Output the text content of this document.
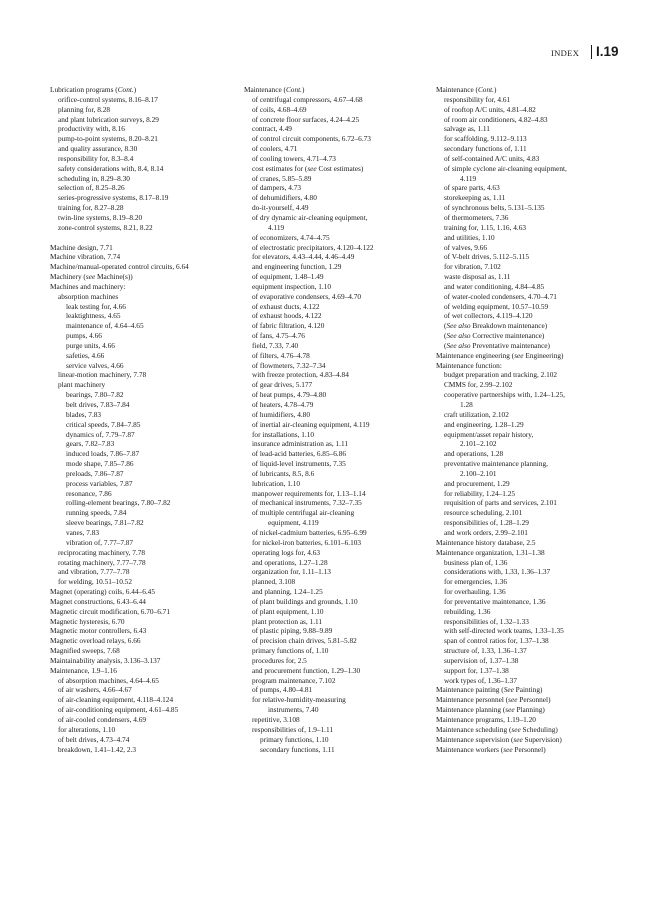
INDEX I.19
Lubrication programs (Cont.)
orifice-control systems, 8.16–8.17
planning for, 8.28
and plant lubrication surveys, 8.29
productivity with, 8.16
pump-to-point systems, 8.20–8.21
and quality assurance, 8.30
responsibility for, 8.3–8.4
safety considerations with, 8.4, 8.14
scheduling in, 8.29–8.30
selection of, 8.25–8.26
series-progressive systems, 8.17–8.19
training for, 8.27–8.28
twin-line systems, 8.19–8.20
zone-control systems, 8.21, 8.22
Machine design, 7.71
Machine vibration, 7.74
Machine/manual-operated control circuits, 6.64
Machinery (see Machine(s))
Machines and machinery:
absorption machines
leak testing for, 4.66
leaktightness, 4.65
maintenance of, 4.64–4.65
pumps, 4.66
purge units, 4.66
safeties, 4.66
service valves, 4.66
linear-motion machinery, 7.78
plant machinery
bearings, 7.80–7.82
belt drives, 7.83–7.84
blades, 7.83
critical speeds, 7.84–7.85
dynamics of, 7.79–7.87
gears, 7.82–7.83
induced loads, 7.86–7.87
mode shape, 7.85–7.86
preloads, 7.86–7.87
process variables, 7.87
resonance, 7.86
rolling-element bearings, 7.80–7.82
running speeds, 7.84
sleeve bearings, 7.81–7.82
vanes, 7.83
vibration of, 7.77–7.87
reciprocating machinery, 7.78
rotating machinery, 7.77–7.78
and vibration, 7.77–7.78
for welding, 10.51–10.52
Magnet (operating) coils, 6.44–6.45
Magnet constructions, 6.43–6.44
Magnetic circuit modification, 6.70–6.71
Magnetic hysteresis, 6.70
Magnetic motor controllers, 6.43
Magnetic overload relays, 6.66
Magnified sweeps, 7.68
Maintainability analysis, 3.136–3.137
Maintenance, 1.9–1.16
of absorption machines, 4.64–4.65
of air washers, 4.66–4.67
of air-cleaning equipment, 4.118–4.124
of air-conditioning equipment, 4.61–4.85
of air-cooled condensers, 4.69
for alterations, 1.10
of belt drives, 4.73–4.74
breakdown, 1.41–1.42, 2.3
Maintenance (Cont.)
of centrifugal compressors, 4.67–4.68
of coils, 4.68–4.69
of concrete floor surfaces, 4.24–4.25
contract, 4.49
of control circuit components, 6.72–6.73
of coolers, 4.71
of cooling towers, 4.71–4.73
cost estimates for (see Cost estimates)
of cranes, 5.85–5.89
of dampers, 4.73
of dehumidifiers, 4.80
do-it-yourself, 4.49
of dry dynamic air-cleaning equipment,
4.119
of economizers, 4.74–4.75
of electrostatic precipitators, 4.120–4.122
for elevators, 4.43–4.44, 4.46–4.49
and engineering function, 1.29
of equipment, 1.48–1.49
equipment inspection, 1.10
of evaporative condensers, 4.69–4.70
of exhaust ducts, 4.122
of exhaust hoods, 4.122
of fabric filtration, 4.120
of fans, 4.75–4.76
field, 7.33, 7.40
of filters, 4.76–4.78
of flowmeters, 7.32–7.34
with freeze protection, 4.83–4.84
of gear drives, 5.177
of heat pumps, 4.79–4.80
of heaters, 4.78–4.79
of humidifiers, 4.80
of inertial air-cleaning equipment, 4.119
for installations, 1.10
insurance administration as, 1.11
of lead-acid batteries, 6.85–6.86
of liquid-level instruments, 7.35
of lubricants, 8.5, 8.6
lubrication, 1.10
manpower requirements for, 1.13–1.14
of mechanical instruments, 7.32–7.35
of multiple centrifugal air-cleaning
equipment, 4.119
of nickel-cadmium batteries, 6.95–6.99
for nickel-iron batteries, 6.101–6.103
operating logs for, 4.63
and operations, 1.27–1.28
organization for, 1.11–1.13
planned, 3.108
and planning, 1.24–1.25
of plant buildings and grounds, 1.10
of plant equipment, 1.10
plant protection as, 1.11
of plastic piping, 9.88–9.89
of precision chain drives, 5.81–5.82
primary functions of, 1.10
procedures for, 2.5
and procurement function, 1.29–1.30
program maintenance, 7.102
of pumps, 4.80–4.81
for relative-humidity-measuring
instruments, 7.40
repetitive, 3.108
responsibilities of, 1.9–1.11
primary functions, 1.10
secondary functions, 1.11
Maintenance (Cont.)
responsibility for, 4.61
of rooftop A/C units, 4.81–4.82
of room air conditioners, 4.82–4.83
salvage as, 1.11
for scaffolding, 9.112–9.113
secondary functions of, 1.11
of self-contained A/C units, 4.83
of simple cyclone air-cleaning equipment,
4.119
of spare parts, 4.63
storekeeping as, 1.11
of synchronous belts, 5.131–5.135
of thermometers, 7.36
training for, 1.15, 1.16, 4.63
and utilities, 1.10
of valves, 9.66
of V-belt drives, 5.112–5.115
for vibration, 7.102
waste disposal as, 1.11
and water conditioning, 4.84–4.85
of water-cooled condensers, 4.70–4.71
of welding equipment, 10.57–10.59
of wet collectors, 4.119–4.120
(See also Breakdown maintenance)
(See also Corrective maintenance)
(See also Preventative maintenance)
Maintenance engineering (see Engineering)
Maintenance function:
budget preparation and tracking, 2.102
CMMS for, 2.99–2.102
cooperative partnerships with, 1.24–1.25,
1.28
craft utilization, 2.102
and engineering, 1.28–1.29
equipment/asset repair history,
2.101–2.102
and operations, 1.28
preventative maintenance planning,
2.100–2.101
and procurement, 1.29
for reliability, 1.24–1.25
requisition of parts and services, 2.101
resource scheduling, 2.101
responsibilities of, 1.28–1.29
and work orders, 2.99–2.101
Maintenance history database, 2.5
Maintenance organization, 1.31–1.38
business plan of, 1.36
considerations with, 1.33, 1.36–1.37
for emergencies, 1.36
for overhauling, 1.36
for preventative maintenance, 1.36
rebuilding, 1.36
responsibilities of, 1.32–1.33
with self-directed work teams, 1.33–1.35
span of control ratios for, 1.37–1.38
structure of, 1.33, 1.36–1.37
supervision of, 1.37–1.38
support for, 1.37–1.38
work types of, 1.36–1.37
Maintenance painting (See Painting)
Maintenance personnel (see Personnel)
Maintenance planning (see Planning)
Maintenance programs, 1.19–1.20
Maintenance scheduling (see Scheduling)
Maintenance supervision (see Supervision)
Maintenance workers (see Personnel)
